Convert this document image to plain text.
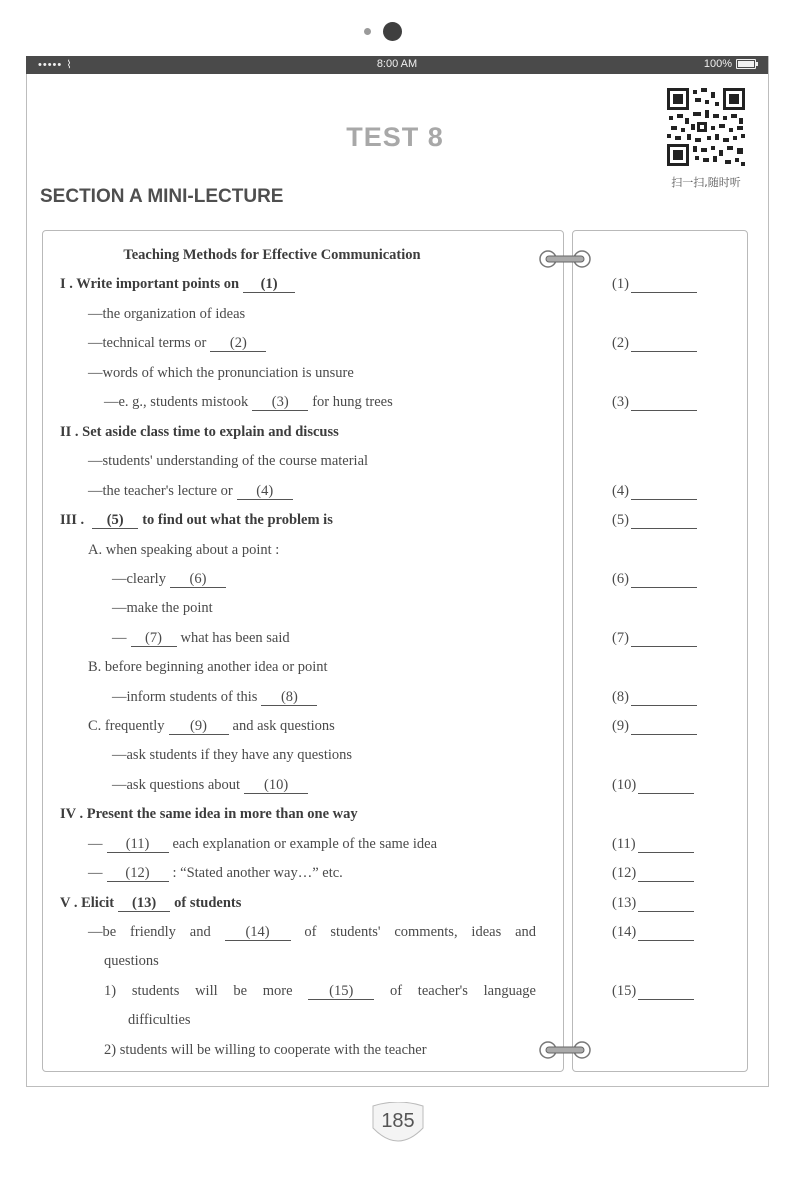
••••• ⌇	8:00 AM	100%
TEST 8
扫一扫,随时听
SECTION A MINI-LECTURE
Teaching Methods for Effective Communication
I . Write important points on (1)
—the organization of ideas
—technical terms or (2)
—words of which the pronunciation is unsure
—e. g., students mistook (3) for hung trees
II . Set aside class time to explain and discuss
—students' understanding of the course material
—the teacher's lecture or (4)
III . (5) to find out what the problem is
A. when speaking about a point :
—clearly (6)
—make the point
— (7) what has been said
B. before beginning another idea or point
—inform students of this (8)
C. frequently (9) and ask questions
—ask students if they have any questions
—ask questions about (10)
IV . Present the same idea in more than one way
— (11) each explanation or example of the same idea
— (12) : “Stated another way…” etc.
V . Elicit (13) of students
—be friendly and	(14)	of students' comments, ideas and
questions
1) students will be more	(15)	of teacher's language
difficulties
2) students will be willing to cooperate with the teacher
(1)
(2)
(3)
(4)
(5)
(6)
(7)
(8)
(9)
(10)
(11)
(12)
(13)
(14)
(15)
185
